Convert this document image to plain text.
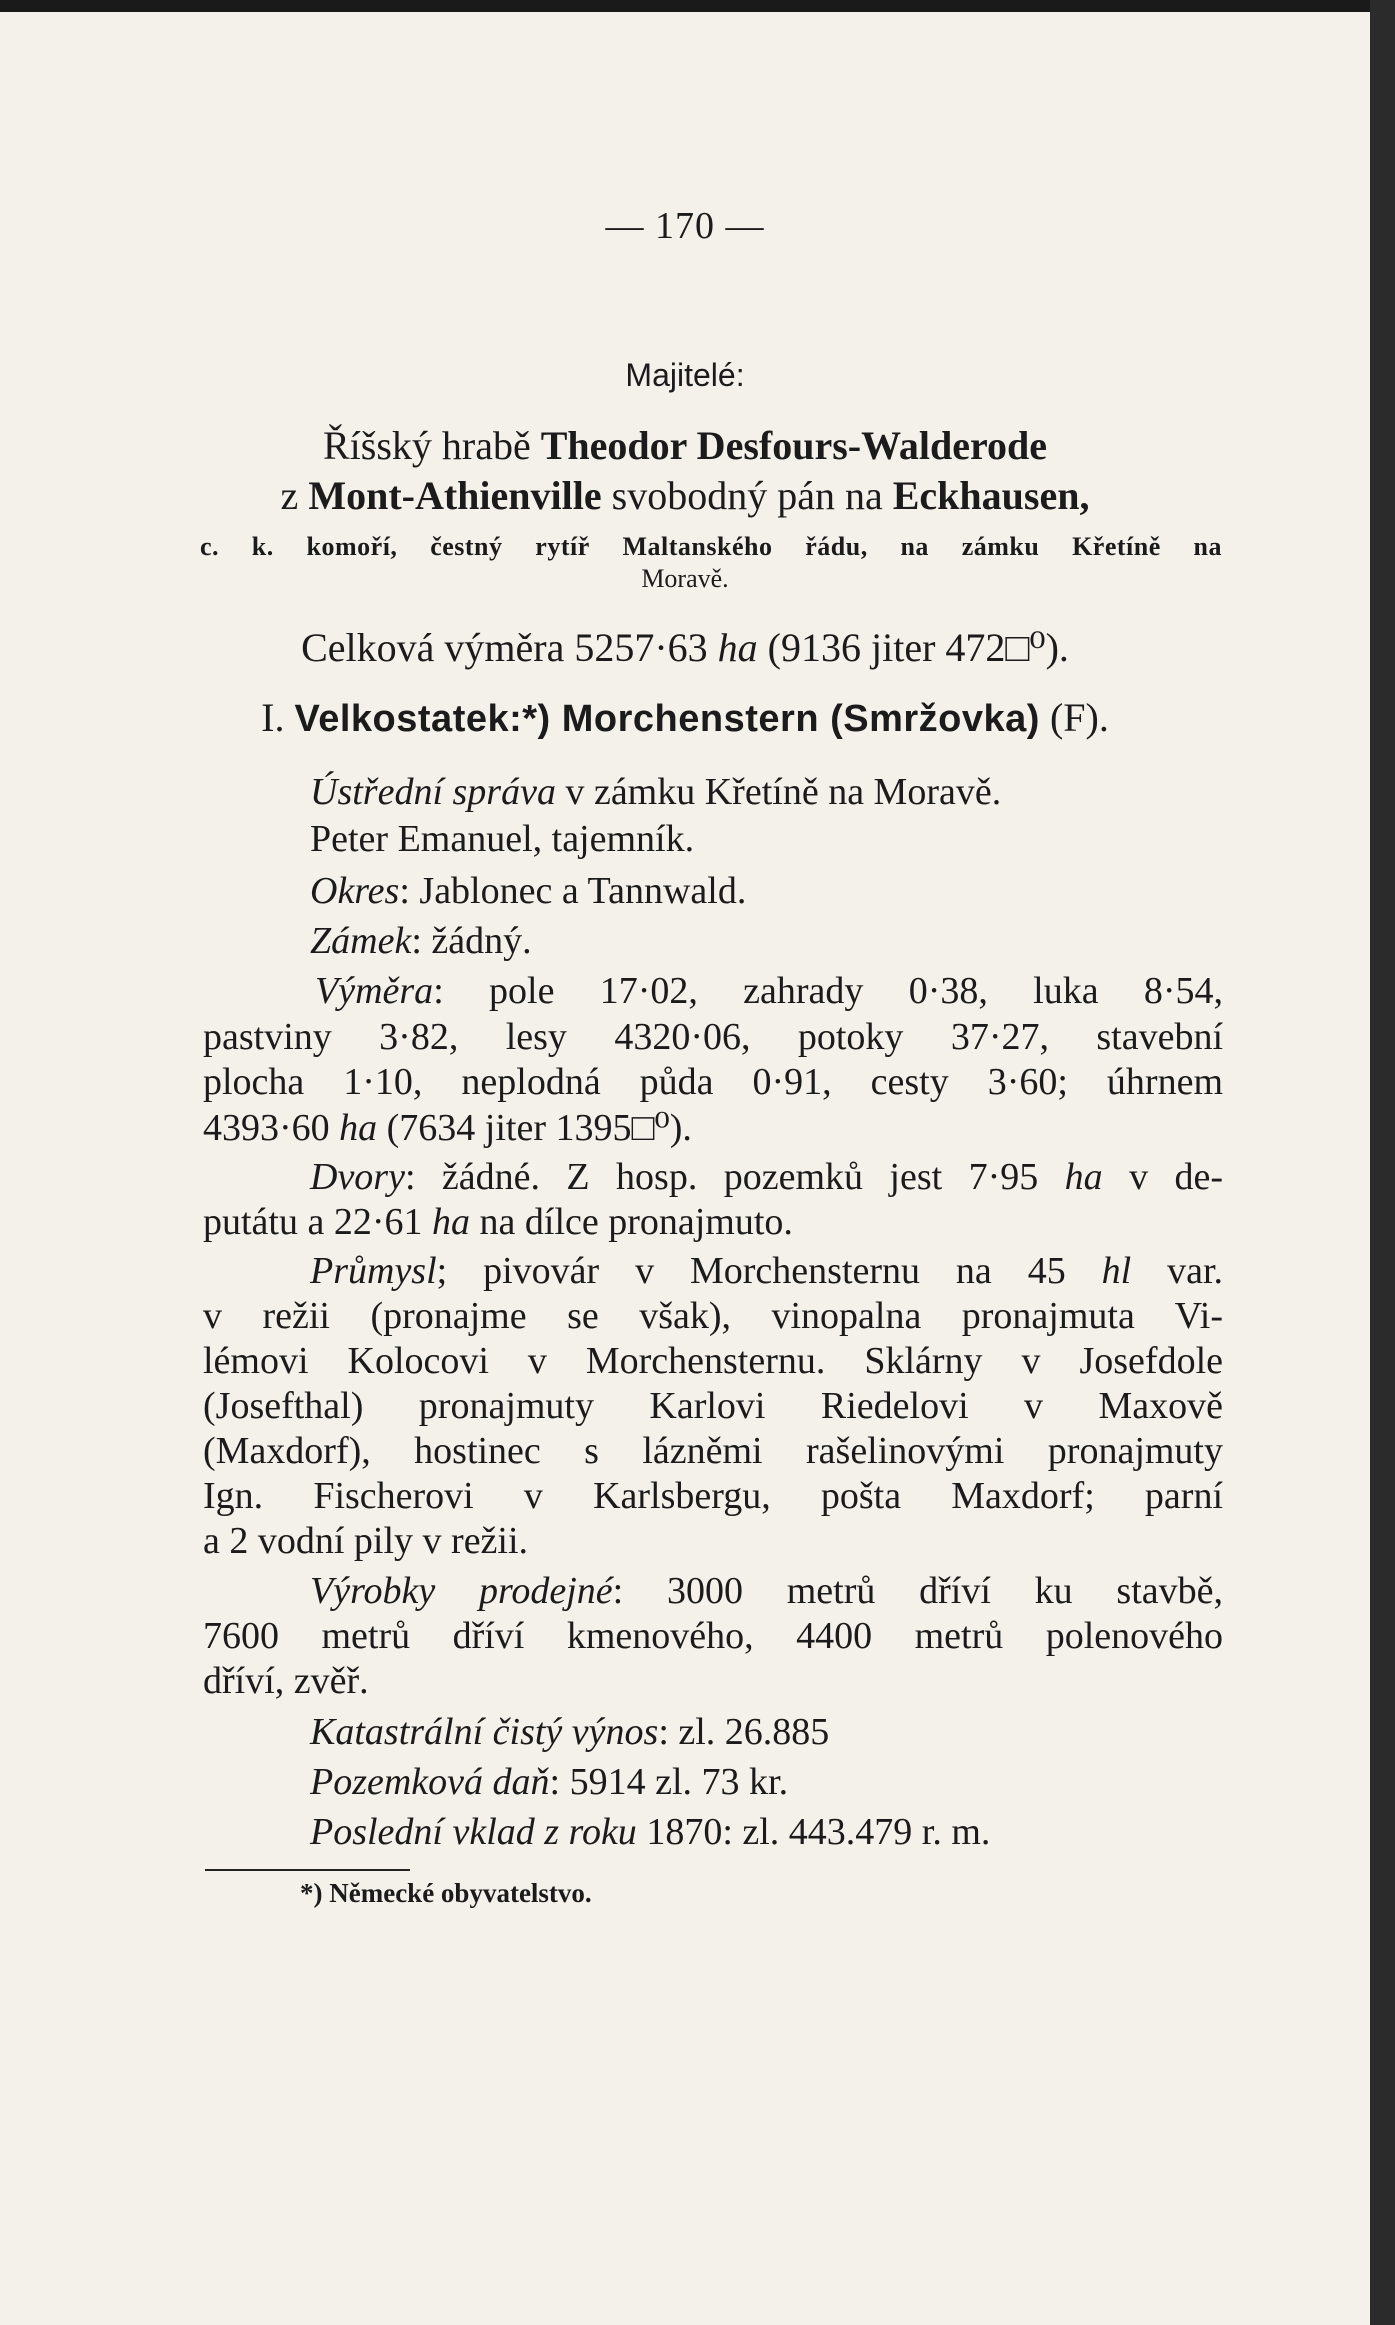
— 170 —
Majitelé:
Říšský hrabě Theodor Desfours-Walderode
z Mont-Athienville svobodný pán na Eckhausen,
c. k. komoří, čestný rytíř Maltanského řádu, na zámku Křetíně na
Moravě.
Celková výměra 5257·63 ha (9136 jiter 472□⁰).
I. Velkostatek:*) Morchenstern (Smržovka) (F).
Ústřední správa v zámku Křetíně na Moravě.
Peter Emanuel, tajemník.
Okres: Jablonec a Tannwald.
Zámek: žádný.
Výměra: pole 17·02, zahrady 0·38, luka 8·54,
pastviny 3·82, lesy 4320·06, potoky 37·27, stavební
plocha 1·10, neplodná půda 0·91, cesty 3·60; úhrnem
4393·60 ha (7634 jiter 1395□⁰).
Dvory: žádné. Z hosp. pozemků jest 7·95 ha v de-
putátu a 22·61 ha na dílce pronajmuto.
Průmysl; pivovár v Morchensternu na 45 hl var.
v režii (pronajme se však), vinopalna pronajmuta Vi-
lémovi Kolocovi v Morchensternu. Sklárny v Josefdole
(Josefthal) pronajmuty Karlovi Riedelovi v Maxově
(Maxdorf), hostinec s lázněmi rašelinovými pronajmuty
Ign. Fischerovi v Karlsbergu, pošta Maxdorf; parní
a 2 vodní pily v režii.
Výrobky prodejné: 3000 metrů dříví ku stavbě,
7600 metrů dříví kmenového, 4400 metrů polenového
dříví, zvěř.
Katastrální čistý výnos: zl. 26.885
Pozemková daň: 5914 zl. 73 kr.
Poslední vklad z roku 1870: zl. 443.479 r. m.
*) Německé obyvatelstvo.
